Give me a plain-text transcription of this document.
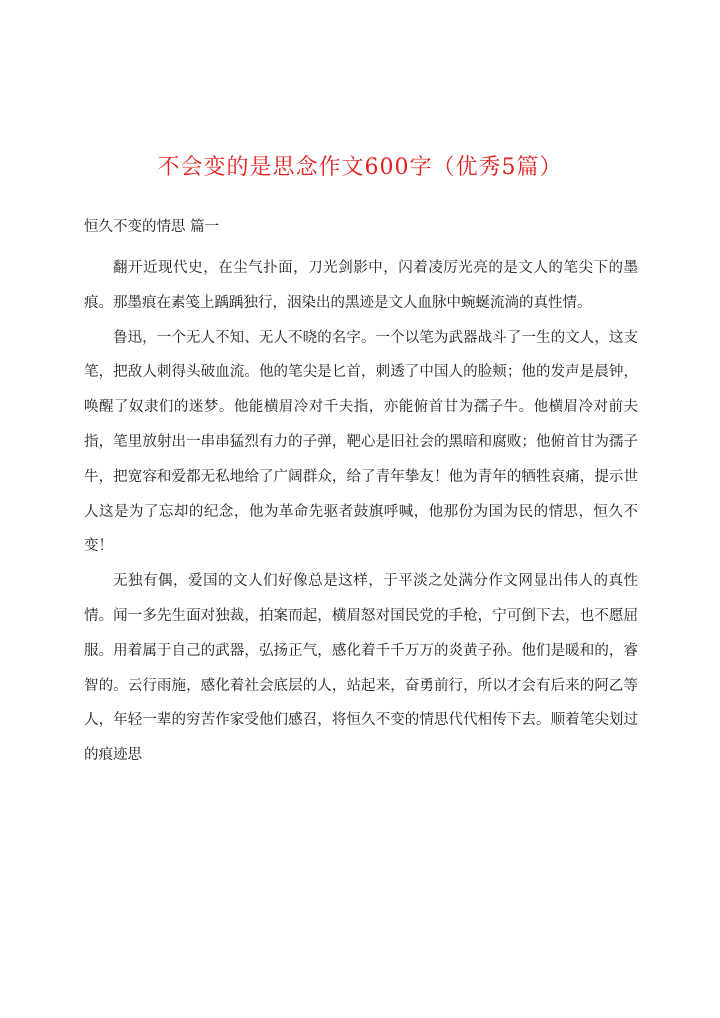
不会变的是思念作文600字（优秀5篇）
恒久不变的情思 篇一

翻开近现代史，在尘气扑面，刀光剑影中，闪着凌厉光亮的是文人的笔尖下的墨痕。那墨痕在素笺上踽踽独行，洇染出的黑迹是文人血脉中蜿蜒流淌的真性情。

鲁迅，一个无人不知、无人不晓的名字。一个以笔为武器战斗了一生的文人，这支笔，把敌人刺得头破血流。他的笔尖是匕首，刺透了中国人的脸颊；他的发声是晨钟，唤醒了奴隶们的迷梦。他能横眉冷对千夫指，亦能俯首甘为孺子牛。他横眉冷对前夫指，笔里放射出一串串猛烈有力的子弹，靶心是旧社会的黑暗和腐败；他俯首甘为孺子牛，把宽容和爱都无私地给了广阔群众，给了青年挚友！他为青年的牺牲哀痛，提示世人这是为了忘却的纪念，他为革命先驱者鼓旗呼喊，他那份为国为民的情思，恒久不变！

无独有偶，爱国的文人们好像总是这样，于平淡之处满分作文网显出伟人的真性情。闻一多先生面对独裁，拍案而起，横眉怒对国民党的手枪，宁可倒下去，也不愿屈服。用着属于自己的武器，弘扬正气，感化着千千万万的炎黄子孙。他们是暖和的，睿智的。云行雨施，感化着社会底层的人，站起来，奋勇前行，所以才会有后来的阿乙等人，年轻一辈的穷苦作家受他们感召，将恒久不变的情思代代相传下去。顺着笔尖划过的痕迹思
